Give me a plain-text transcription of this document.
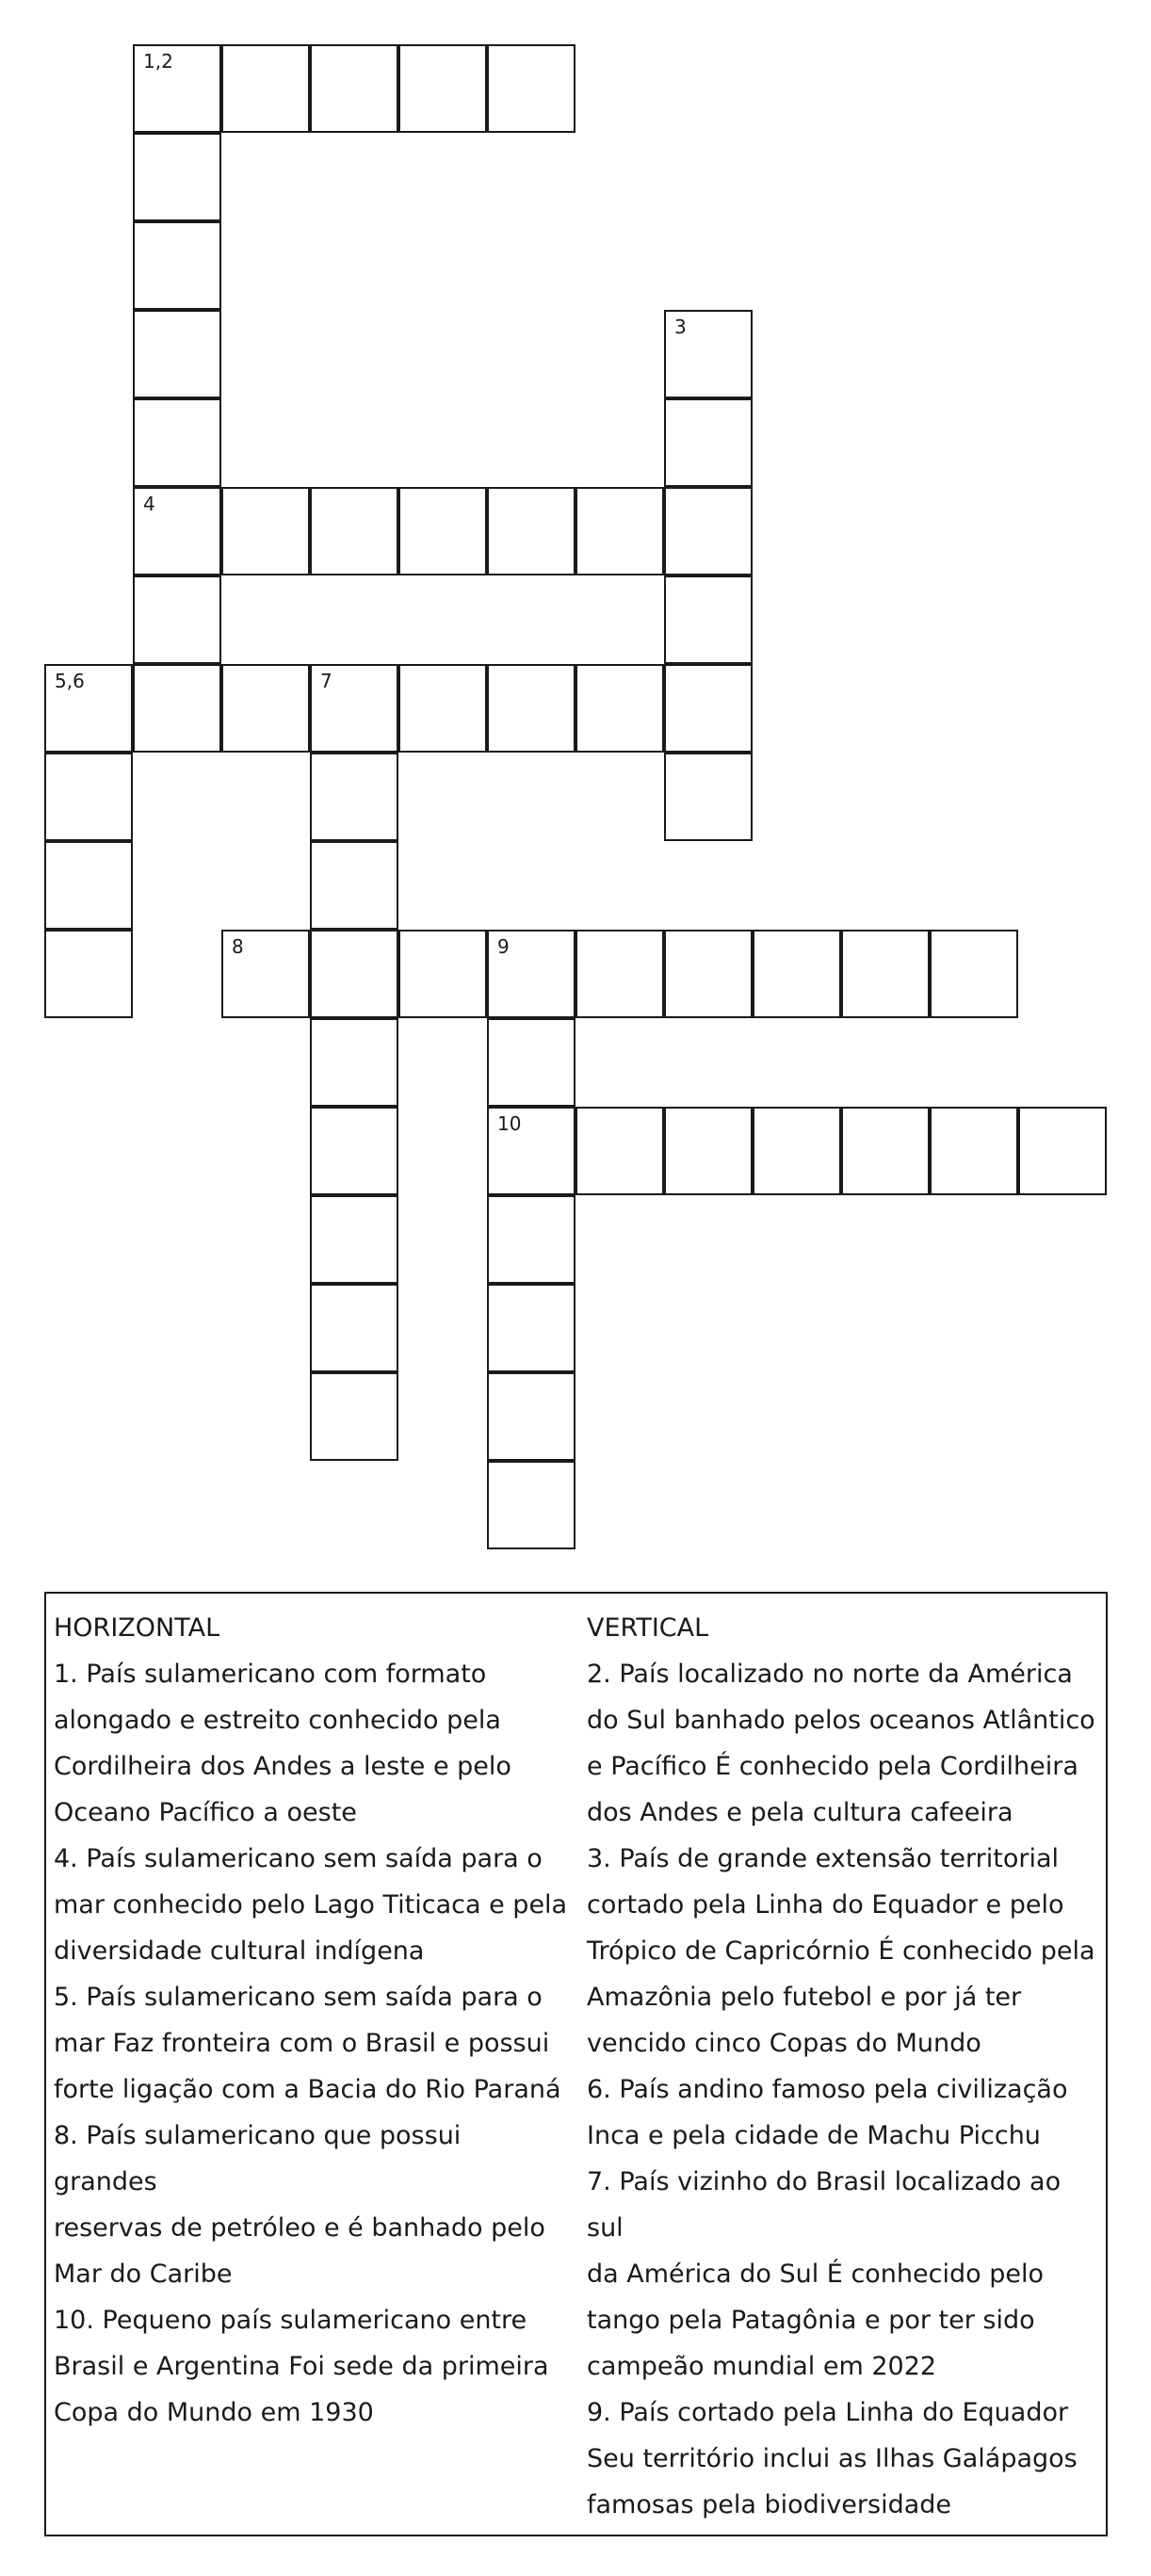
1,2
3
4
5,6	7
8	9
10

HORIZONTAL

1. País sulamericano com formato

alongado e estreito conhecido pela

Cordilheira dos Andes a leste e pelo

Oceano Pacífico a oeste

4. País sulamericano sem saída para o

mar conhecido pelo Lago Titicaca e pela

diversidade cultural indígena

5. País sulamericano sem saída para o

mar Faz fronteira com o Brasil e possui

forte ligação com a Bacia do Rio Paraná

8. País sulamericano que possui grandes

reservas de petróleo e é banhado pelo

Mar do Caribe

10. Pequeno país sulamericano entre

Brasil e Argentina Foi sede da primeira

Copa do Mundo em 1930

VERTICAL

2. País localizado no norte da América

do Sul banhado pelos oceanos Atlântico

e Pacífico É conhecido pela Cordilheira

dos Andes e pela cultura cafeeira

3. País de grande extensão territorial

cortado pela Linha do Equador e pelo

Trópico de Capricórnio É conhecido pela

Amazônia pelo futebol e por já ter

vencido cinco Copas do Mundo

6. País andino famoso pela civilização

Inca e pela cidade de Machu Picchu

7. País vizinho do Brasil localizado ao sul

da América do Sul É conhecido pelo

tango pela Patagônia e por ter sido

campeão mundial em 2022

9. País cortado pela Linha do Equador

Seu território inclui as Ilhas Galápagos

famosas pela biodiversidade
